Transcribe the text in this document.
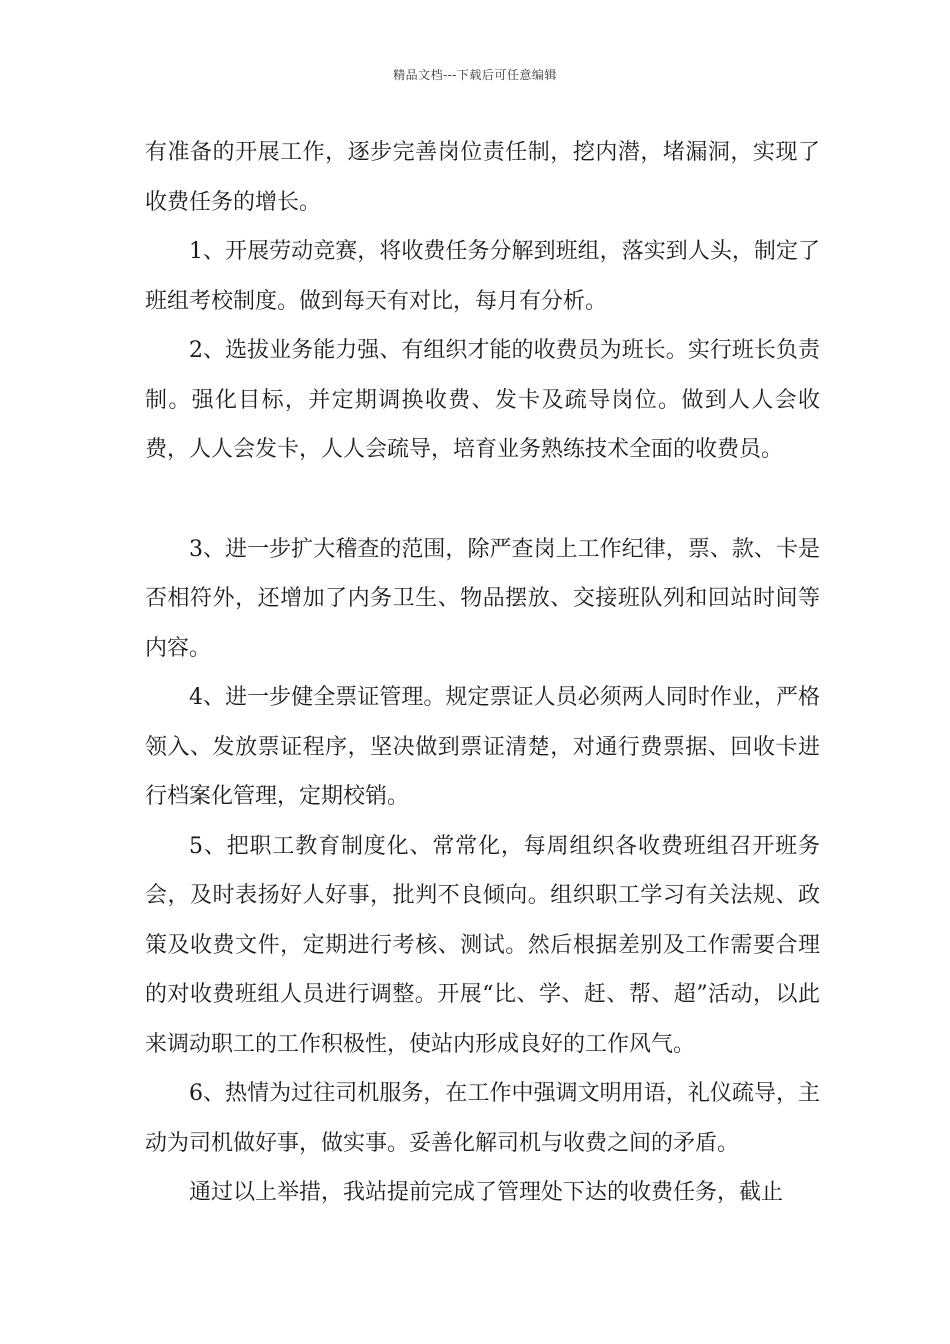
精品文档---下载后可任意编辑

有准备的开展工作，逐步完善岗位责任制，挖内潜，堵漏洞，实现了收费任务的增长。

1、开展劳动竞赛，将收费任务分解到班组，落实到人头，制定了班组考校制度。做到每天有对比，每月有分析。

2、选拔业务能力强、有组织才能的收费员为班长。实行班长负责制。强化目标，并定期调换收费、发卡及疏导岗位。做到人人会收费，人人会发卡，人人会疏导，培育业务熟练技术全面的收费员。

3、进一步扩大稽查的范围，除严查岗上工作纪律，票、款、卡是否相符外，还增加了内务卫生、物品摆放、交接班队列和回站时间等内容。

4、进一步健全票证管理。规定票证人员必须两人同时作业，严格领入、发放票证程序，坚决做到票证清楚，对通行费票据、回收卡进行档案化管理，定期校销。

5、把职工教育制度化、常常化，每周组织各收费班组召开班务会，及时表扬好人好事，批判不良倾向。组织职工学习有关法规、政策及收费文件，定期进行考核、测试。然后根据差别及工作需要合理的对收费班组人员进行调整。开展“比、学、赶、帮、超”活动，以此来调动职工的工作积极性，使站内形成良好的工作风气。

6、热情为过往司机服务，在工作中强调文明用语，礼仪疏导，主动为司机做好事，做实事。妥善化解司机与收费之间的矛盾。

通过以上举措，我站提前完成了管理处下达的收费任务，截止
